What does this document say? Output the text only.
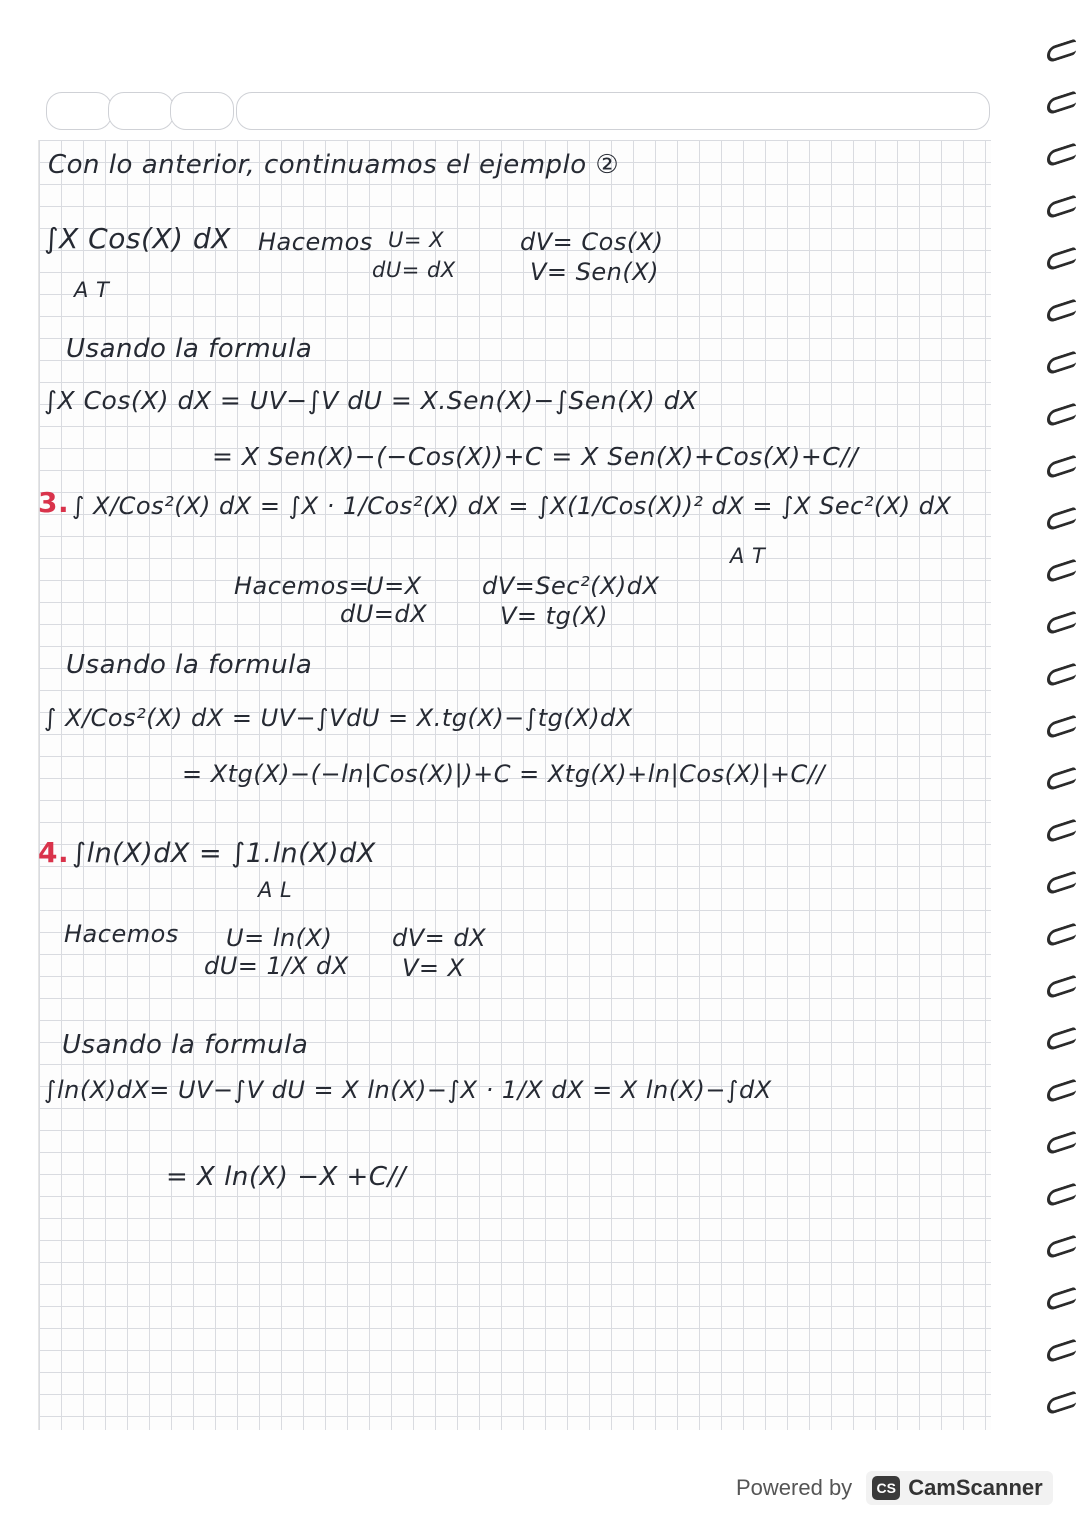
Con lo anterior, continuamos el ejemplo ②
∫X Cos(X) dX
A T
Hacemos U= X
dU= dX
dV= Cos(X)
V= Sen(X)
Usando la formula
∫X Cos(X) dX = UV−∫V dU = X.Sen(X)−∫Sen(X) dX
= X Sen(X)−(−Cos(X))+C = X Sen(X)+Cos(X)+C//
3. ∫ X/Cos²(X) dX = ∫X · 1/Cos²(X) dX = ∫X(1/Cos(X))² dX = ∫X Sec²(X) dX
A T
Hacemos=
U=X
dU=dX
dV=Sec²(X)dX
V= tg(X)
Usando la formula
∫ X/Cos²(X) dX = UV−∫VdU = X.tg(X)−∫tg(X)dX
= Xtg(X)−(−ln|Cos(X)|)+C = Xtg(X)+ln|Cos(X)|+C//
4. ∫ln(X)dX = ∫1.ln(X)dX
A L
Hacemos U= ln(X)
dU= 1/X dX
dV= dX
V= X
Usando la formula
∫ln(X)dX= UV−∫V dU = X ln(X)−∫X · 1/X dX = X ln(X)−∫dX
= X ln(X) −X +C//
Powered by	CS CamScanner
